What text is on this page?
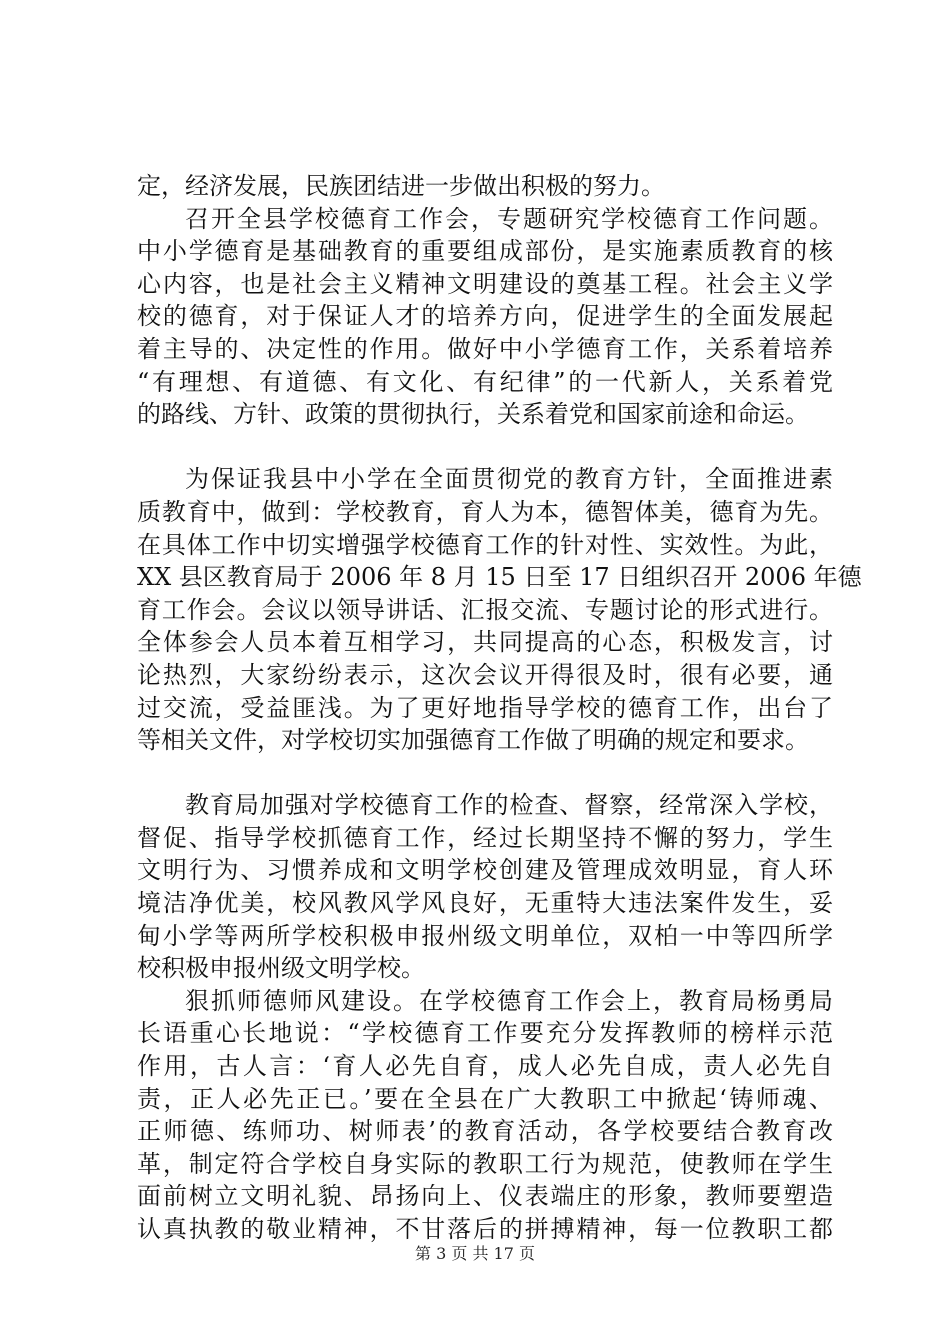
定，经济发展，民族团结进一步做出积极的努力。
召开全县学校德育工作会，专题研究学校德育工作问题。
中小学德育是基础教育的重要组成部份，是实施素质教育的核
心内容，也是社会主义精神文明建设的奠基工程。社会主义学
校的德育，对于保证人才的培养方向，促进学生的全面发展起
着主导的、决定性的作用。做好中小学德育工作，关系着培养
“有理想、有道德、有文化、有纪律”的一代新人，关系着党
的路线、方针、政策的贯彻执行，关系着党和国家前途和命运。
为保证我县中小学在全面贯彻党的教育方针，全面推进素
质教育中，做到：学校教育，育人为本，德智体美，德育为先。
在具体工作中切实增强学校德育工作的针对性、实效性。为此，
XX 县区教育局于 2006 年 8 月 15 日至 17 日组织召开 2006 年德
育工作会。会议以领导讲话、汇报交流、专题讨论的形式进行。
全体参会人员本着互相学习，共同提高的心态，积极发言，讨
论热烈，大家纷纷表示，这次会议开得很及时，很有必要，通
过交流，受益匪浅。为了更好地指导学校的德育工作，出台了
等相关文件，对学校切实加强德育工作做了明确的规定和要求。
教育局加强对学校德育工作的检查、督察，经常深入学校，
督促、指导学校抓德育工作，经过长期坚持不懈的努力，学生
文明行为、习惯养成和文明学校创建及管理成效明显，育人环
境洁净优美，校风教风学风良好，无重特大违法案件发生，妥
甸小学等两所学校积极申报州级文明单位，双柏一中等四所学
校积极申报州级文明学校。
狠抓师德师风建设。在学校德育工作会上，教育局杨勇局
长语重心长地说：“学校德育工作要充分发挥教师的榜样示范
作用，古人言：‘育人必先自育，成人必先自成，责人必先自
责，正人必先正已。’要在全县在广大教职工中掀起‘铸师魂、
正师德、练师功、树师表’的教育活动，各学校要结合教育改
革，制定符合学校自身实际的教职工行为规范，使教师在学生
面前树立文明礼貌、昂扬向上、仪表端庄的形象，教师要塑造
认真执教的敬业精神，不甘落后的拼搏精神，每一位教职工都
第 3 页 共 17 页
